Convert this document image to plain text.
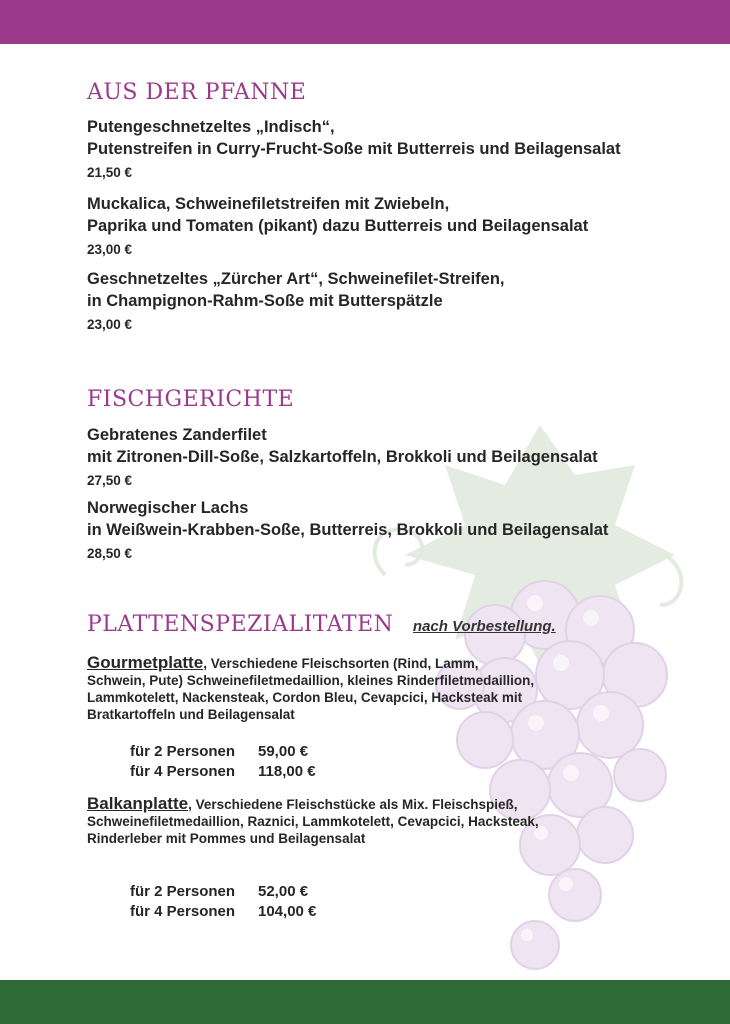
AUS DER PFANNE
Putengeschnetzeltes „Indisch“,
Putenstreifen in Curry-Frucht-Soße mit Butterreis und Beilagensalat
21,50 €
Muckalica, Schweinefiletstreifen mit Zwiebeln,
Paprika und Tomaten (pikant) dazu Butterreis und Beilagensalat
23,00 €
Geschnetzeltes „Zürcher Art“, Schweinefilet-Streifen,
in Champignon-Rahm-Soße mit Butterspätzle
23,00 €
FISCHGERICHTE
Gebratenes Zanderfilet
mit Zitronen-Dill-Soße, Salzkartoffeln, Brokkoli und Beilagensalat
27,50 €
Norwegischer Lachs
in Weißwein-Krabben-Soße, Butterreis, Brokkoli und Beilagensalat
28,50 €
PLATTENSPEZIALITATEN nach Vorbestellung.
Gourmetplatte, Verschiedene Fleischsorten (Rind, Lamm,
Schwein, Pute) Schweinefiletmedaillion, kleines Rinderfiletmedaillion,
Lammkotelett, Nackensteak, Cordon Bleu, Cevapcici, Hacksteak mit
Bratkartoffeln und Beilagensalat
für 2 Personen 59,00 €
für 4 Personen 118,00 €
Balkanplatte, Verschiedene Fleischstücke als Mix. Fleischspieß,
Schweinefiletmedaillion, Raznici, Lammkotelett, Cevapcici, Hacksteak,
Rinderleber mit Pommes und Beilagensalat
für 2 Personen 52,00 €
für 4 Personen 104,00 €
